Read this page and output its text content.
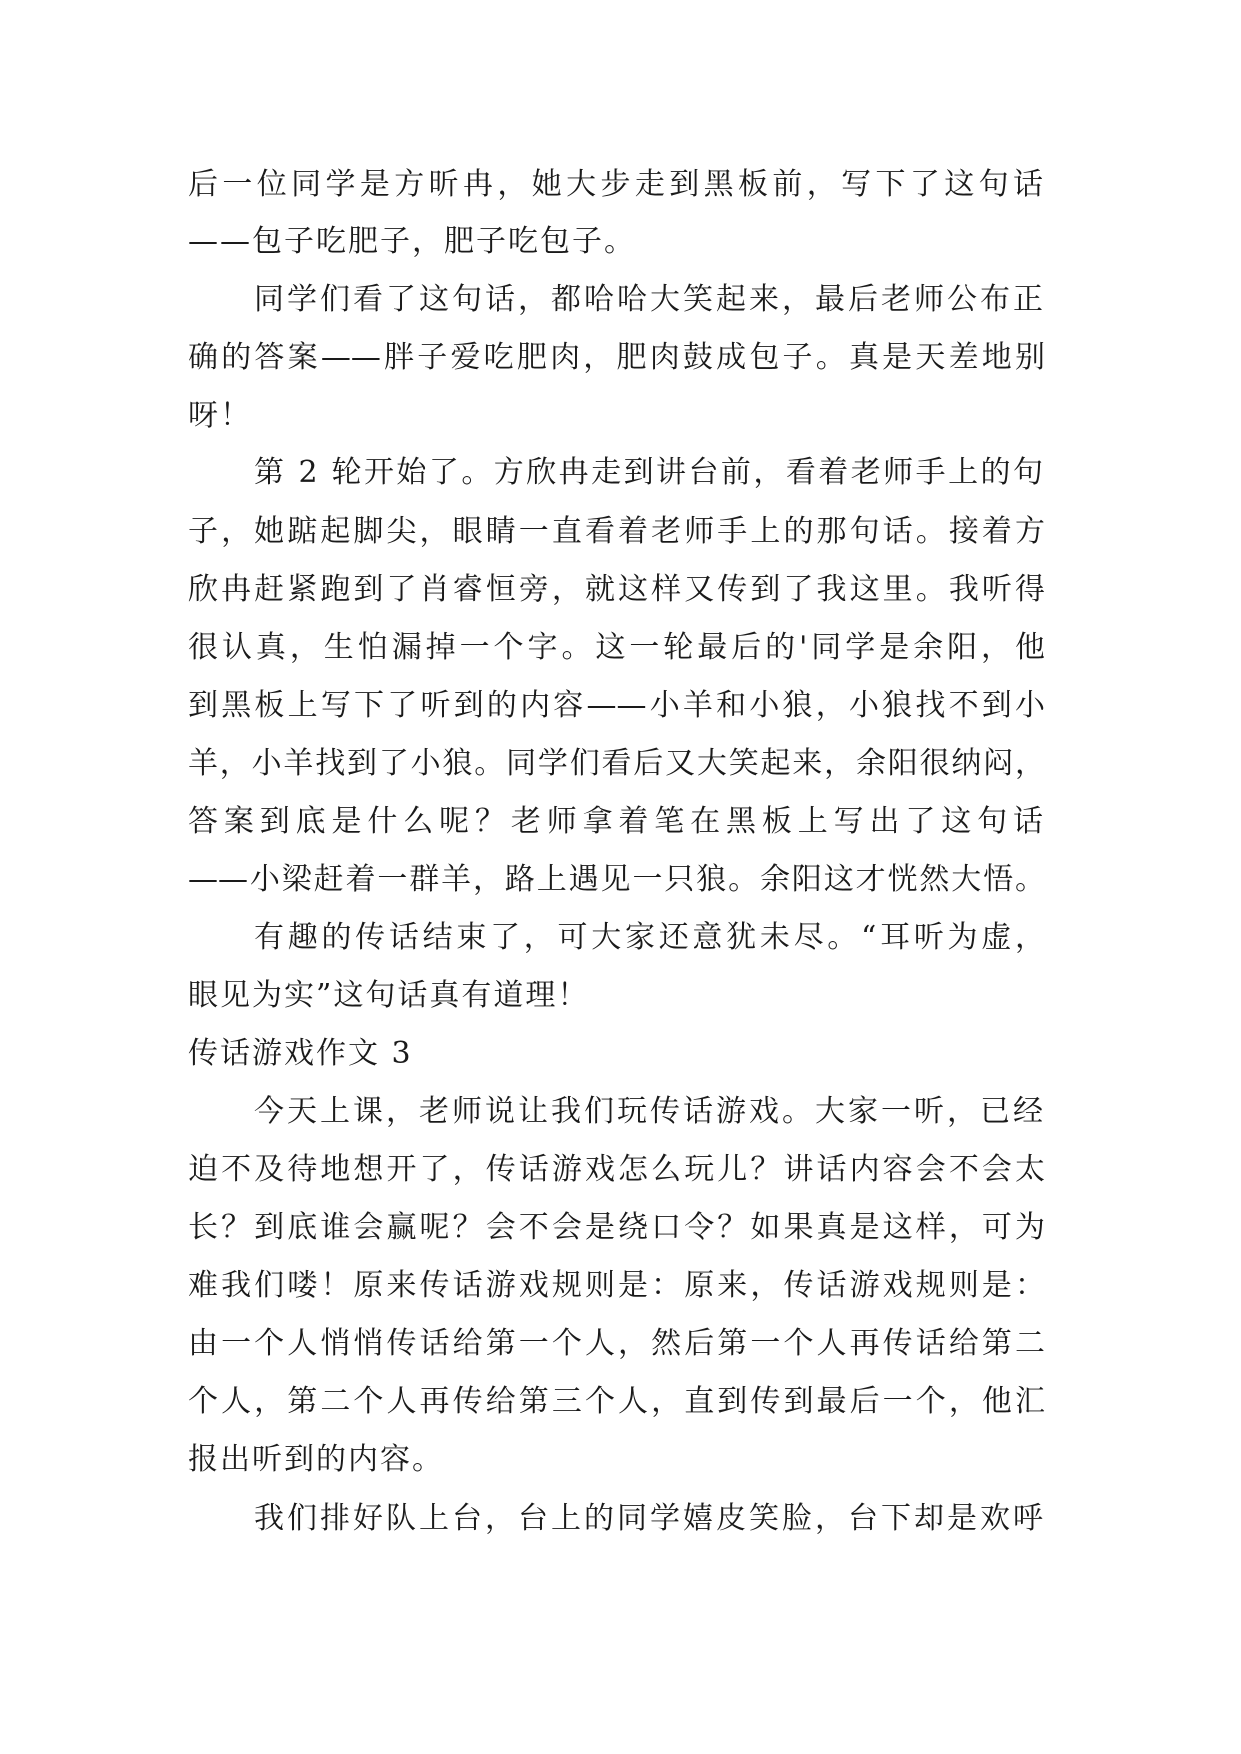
后一位同学是方昕冉，她大步走到黑板前，写下了这句话
——包子吃肥子，肥子吃包子。
同学们看了这句话，都哈哈大笑起来，最后老师公布正
确的答案——胖子爱吃肥肉，肥肉鼓成包子。真是天差地别
呀！
第 2 轮开始了。方欣冉走到讲台前，看着老师手上的句
子，她踮起脚尖，眼睛一直看着老师手上的那句话。接着方
欣冉赶紧跑到了肖睿恒旁，就这样又传到了我这里。我听得
很认真，生怕漏掉一个字。这一轮最后的'同学是余阳，他
到黑板上写下了听到的内容——小羊和小狼，小狼找不到小
羊，小羊找到了小狼。同学们看后又大笑起来，余阳很纳闷，
答案到底是什么呢？老师拿着笔在黑板上写出了这句话
——小梁赶着一群羊，路上遇见一只狼。余阳这才恍然大悟。
有趣的传话结束了，可大家还意犹未尽。“耳听为虚，
眼见为实”这句话真有道理！
传话游戏作文 3
今天上课，老师说让我们玩传话游戏。大家一听，已经
迫不及待地想开了，传话游戏怎么玩儿？讲话内容会不会太
长？到底谁会赢呢？会不会是绕口令？如果真是这样，可为
难我们喽！原来传话游戏规则是：原来，传话游戏规则是：
由一个人悄悄传话给第一个人，然后第一个人再传话给第二
个人，第二个人再传给第三个人，直到传到最后一个，他汇
报出听到的内容。
我们排好队上台，台上的同学嬉皮笑脸，台下却是欢呼
